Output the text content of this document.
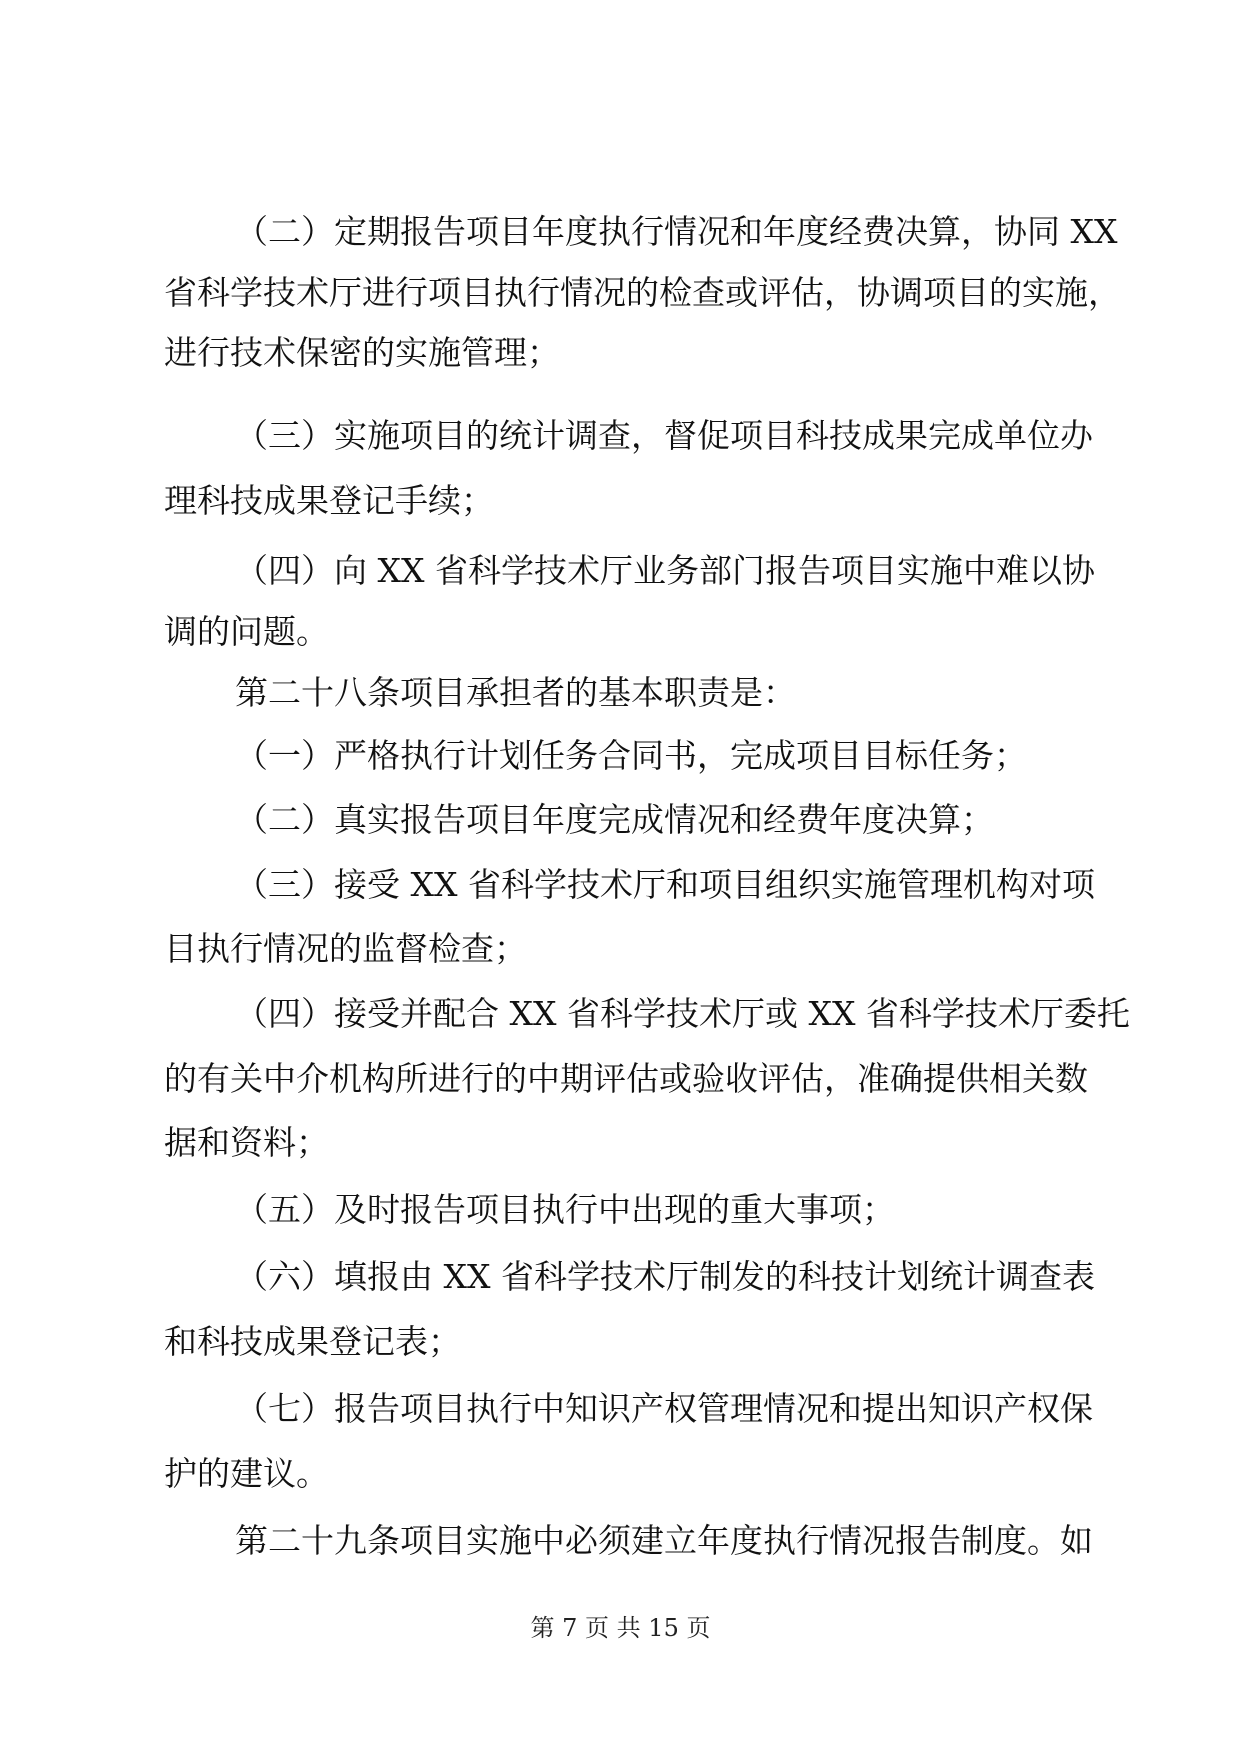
（二）定期报告项目年度执行情况和年度经费决算，协同 XX
省科学技术厅进行项目执行情况的检查或评估，协调项目的实施，
进行技术保密的实施管理；
（三）实施项目的统计调查，督促项目科技成果完成单位办
理科技成果登记手续；
（四）向 XX 省科学技术厅业务部门报告项目实施中难以协
调的问题。
第二十八条项目承担者的基本职责是：
（一）严格执行计划任务合同书，完成项目目标任务；
（二）真实报告项目年度完成情况和经费年度决算；
（三）接受 XX 省科学技术厅和项目组织实施管理机构对项
目执行情况的监督检查；
（四）接受并配合 XX 省科学技术厅或 XX 省科学技术厅委托
的有关中介机构所进行的中期评估或验收评估，准确提供相关数
据和资料；
（五）及时报告项目执行中出现的重大事项；
（六）填报由 XX 省科学技术厅制发的科技计划统计调查表
和科技成果登记表；
（七）报告项目执行中知识产权管理情况和提出知识产权保
护的建议。
第二十九条项目实施中必须建立年度执行情况报告制度。如
第 7 页 共 15 页
